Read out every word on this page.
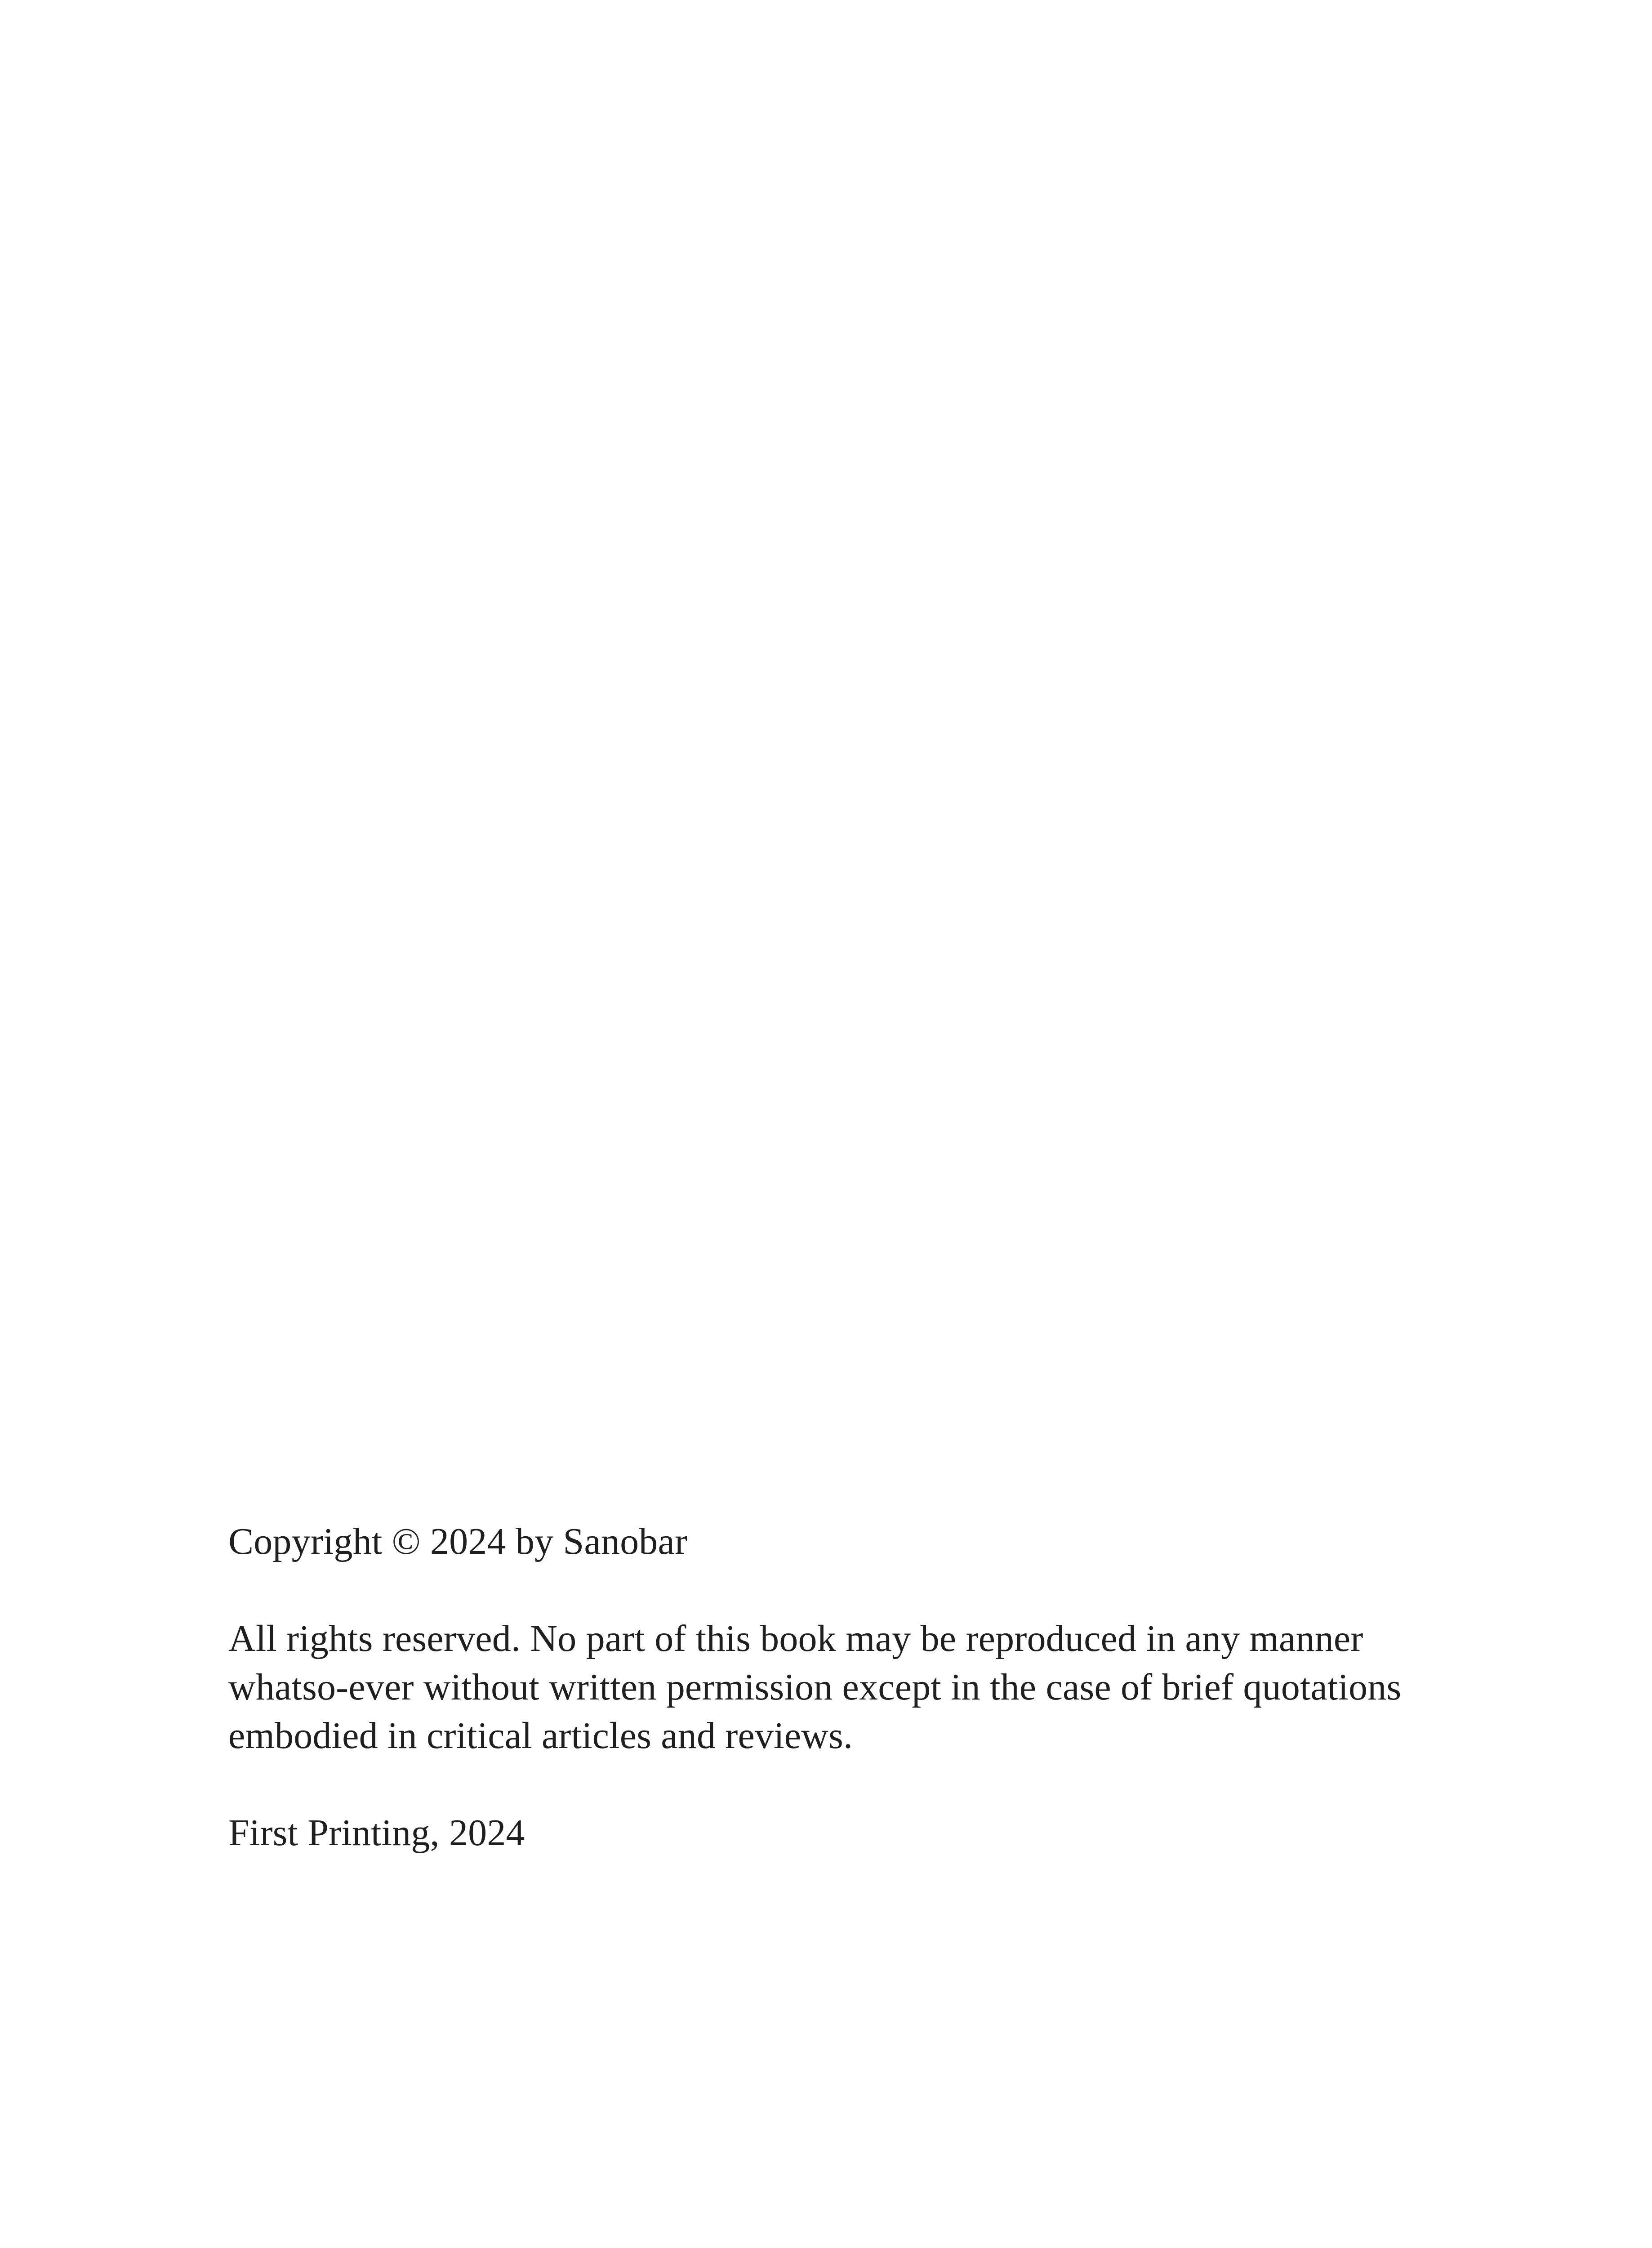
Copyright © 2024 by Sanobar

All rights reserved. No part of this book may be reproduced in any manner
whatso-ever without written permission except in the case of brief quotations
embodied in critical articles and reviews.

First Printing, 2024
